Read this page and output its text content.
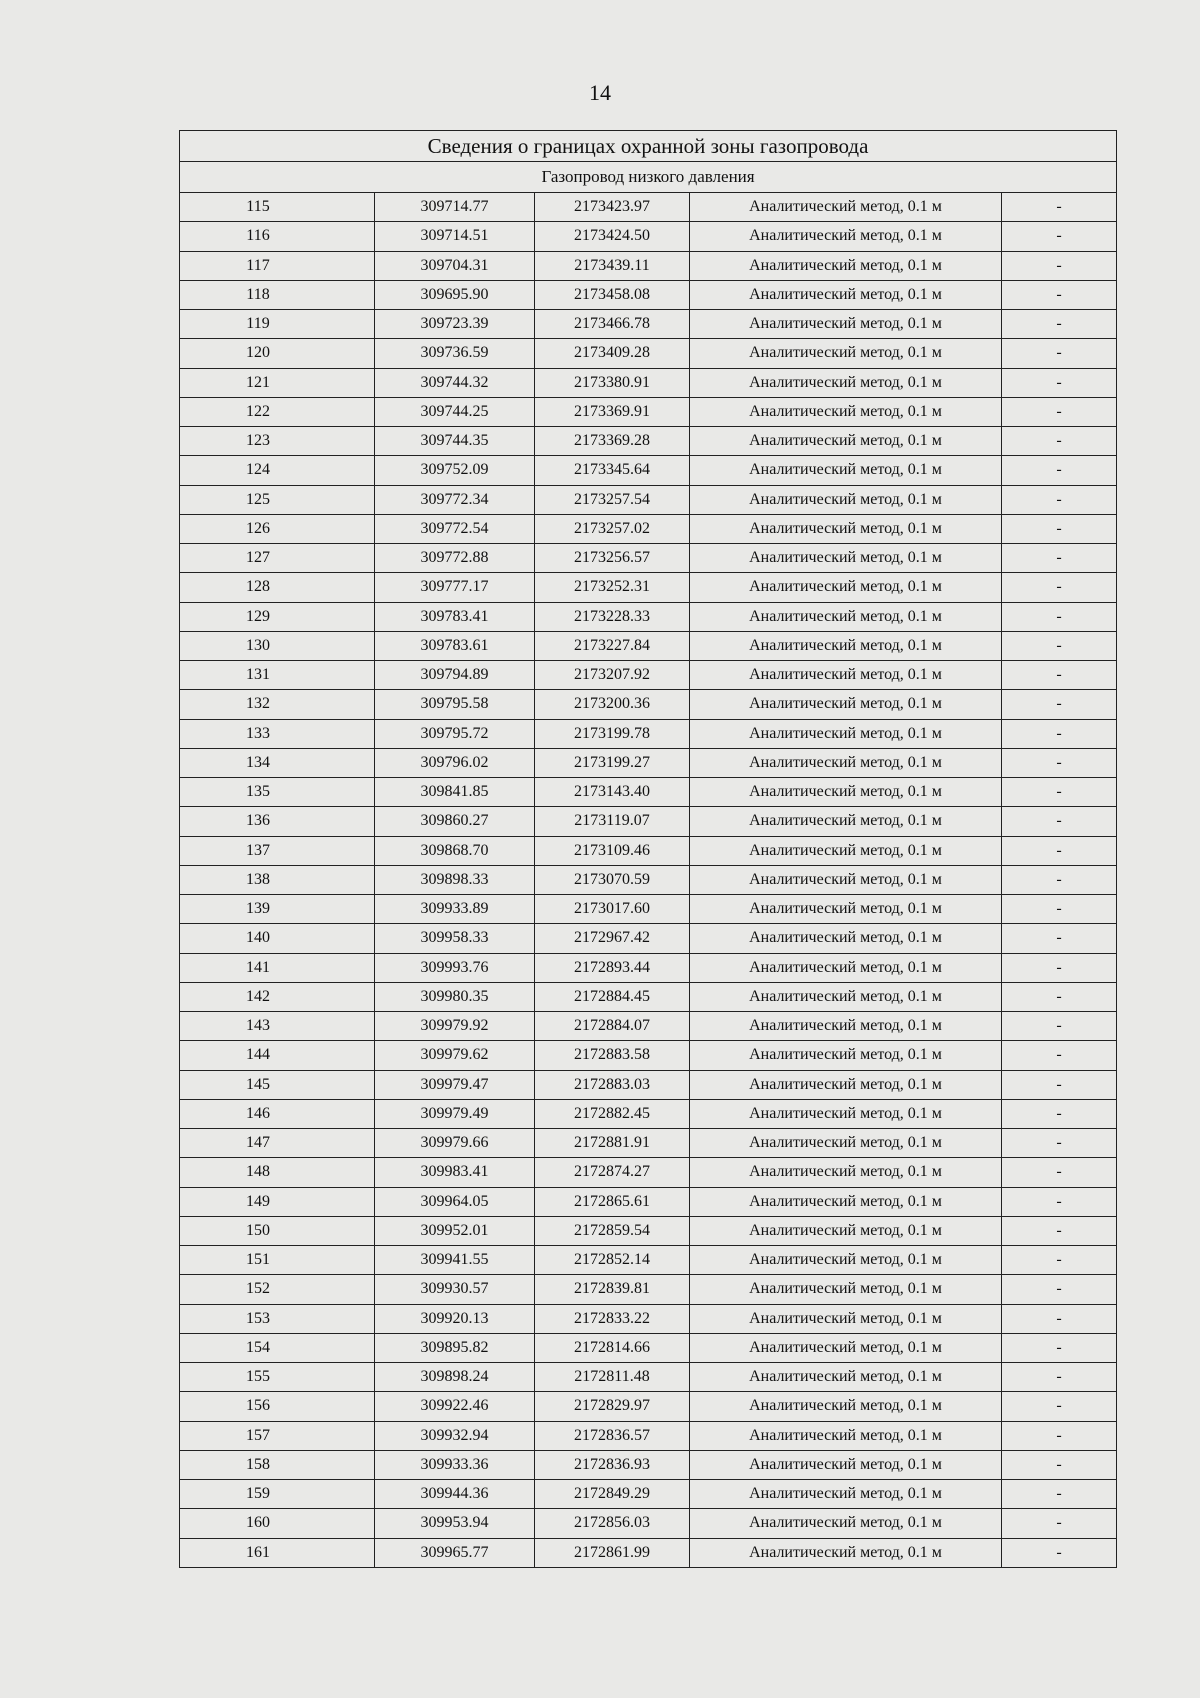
14
Сведения о границах охранной зоны газопровода				
Газопровод низкого давления				
115	309714.77	2173423.97	Аналитический метод, 0.1 м	-
116	309714.51	2173424.50	Аналитический метод, 0.1 м	-
117	309704.31	2173439.11	Аналитический метод, 0.1 м	-
118	309695.90	2173458.08	Аналитический метод, 0.1 м	-
119	309723.39	2173466.78	Аналитический метод, 0.1 м	-
120	309736.59	2173409.28	Аналитический метод, 0.1 м	-
121	309744.32	2173380.91	Аналитический метод, 0.1 м	-
122	309744.25	2173369.91	Аналитический метод, 0.1 м	-
123	309744.35	2173369.28	Аналитический метод, 0.1 м	-
124	309752.09	2173345.64	Аналитический метод, 0.1 м	-
125	309772.34	2173257.54	Аналитический метод, 0.1 м	-
126	309772.54	2173257.02	Аналитический метод, 0.1 м	-
127	309772.88	2173256.57	Аналитический метод, 0.1 м	-
128	309777.17	2173252.31	Аналитический метод, 0.1 м	-
129	309783.41	2173228.33	Аналитический метод, 0.1 м	-
130	309783.61	2173227.84	Аналитический метод, 0.1 м	-
131	309794.89	2173207.92	Аналитический метод, 0.1 м	-
132	309795.58	2173200.36	Аналитический метод, 0.1 м	-
133	309795.72	2173199.78	Аналитический метод, 0.1 м	-
134	309796.02	2173199.27	Аналитический метод, 0.1 м	-
135	309841.85	2173143.40	Аналитический метод, 0.1 м	-
136	309860.27	2173119.07	Аналитический метод, 0.1 м	-
137	309868.70	2173109.46	Аналитический метод, 0.1 м	-
138	309898.33	2173070.59	Аналитический метод, 0.1 м	-
139	309933.89	2173017.60	Аналитический метод, 0.1 м	-
140	309958.33	2172967.42	Аналитический метод, 0.1 м	-
141	309993.76	2172893.44	Аналитический метод, 0.1 м	-
142	309980.35	2172884.45	Аналитический метод, 0.1 м	-
143	309979.92	2172884.07	Аналитический метод, 0.1 м	-
144	309979.62	2172883.58	Аналитический метод, 0.1 м	-
145	309979.47	2172883.03	Аналитический метод, 0.1 м	-
146	309979.49	2172882.45	Аналитический метод, 0.1 м	-
147	309979.66	2172881.91	Аналитический метод, 0.1 м	-
148	309983.41	2172874.27	Аналитический метод, 0.1 м	-
149	309964.05	2172865.61	Аналитический метод, 0.1 м	-
150	309952.01	2172859.54	Аналитический метод, 0.1 м	-
151	309941.55	2172852.14	Аналитический метод, 0.1 м	-
152	309930.57	2172839.81	Аналитический метод, 0.1 м	-
153	309920.13	2172833.22	Аналитический метод, 0.1 м	-
154	309895.82	2172814.66	Аналитический метод, 0.1 м	-
155	309898.24	2172811.48	Аналитический метод, 0.1 м	-
156	309922.46	2172829.97	Аналитический метод, 0.1 м	-
157	309932.94	2172836.57	Аналитический метод, 0.1 м	-
158	309933.36	2172836.93	Аналитический метод, 0.1 м	-
159	309944.36	2172849.29	Аналитический метод, 0.1 м	-
160	309953.94	2172856.03	Аналитический метод, 0.1 м	-
161	309965.77	2172861.99	Аналитический метод, 0.1 м	-
